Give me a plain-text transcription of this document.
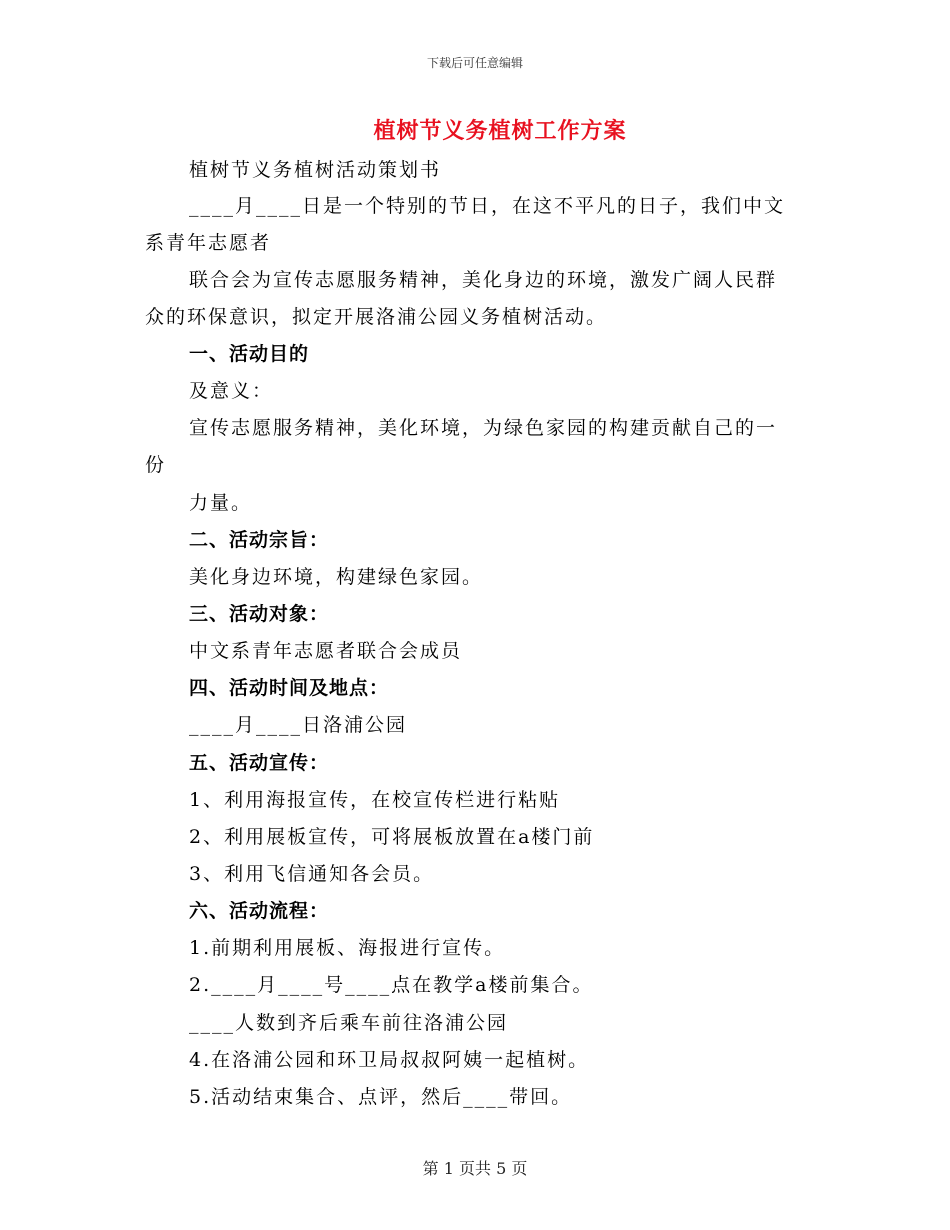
下载后可任意编辑
植树节义务植树工作方案
植树节义务植树活动策划书
____月____日是一个特别的节日，在这不平凡的日子，我们中文
系青年志愿者
联合会为宣传志愿服务精神，美化身边的环境，激发广阔人民群
众的环保意识，拟定开展洛浦公园义务植树活动。
一、活动目的
及意义：
宣传志愿服务精神，美化环境，为绿色家园的构建贡献自己的一
份
力量。
二、活动宗旨：
美化身边环境，构建绿色家园。
三、活动对象：
中文系青年志愿者联合会成员
四、活动时间及地点：
____月____日洛浦公园
五、活动宣传：
1、利用海报宣传，在校宣传栏进行粘贴
2、利用展板宣传，可将展板放置在a楼门前
3、利用飞信通知各会员。
六、活动流程：
1.前期利用展板、海报进行宣传。
2.____月____号____点在教学a楼前集合。
____人数到齐后乘车前往洛浦公园
4.在洛浦公园和环卫局叔叔阿姨一起植树。
5.活动结束集合、点评，然后____带回。
第 1 页共 5 页
